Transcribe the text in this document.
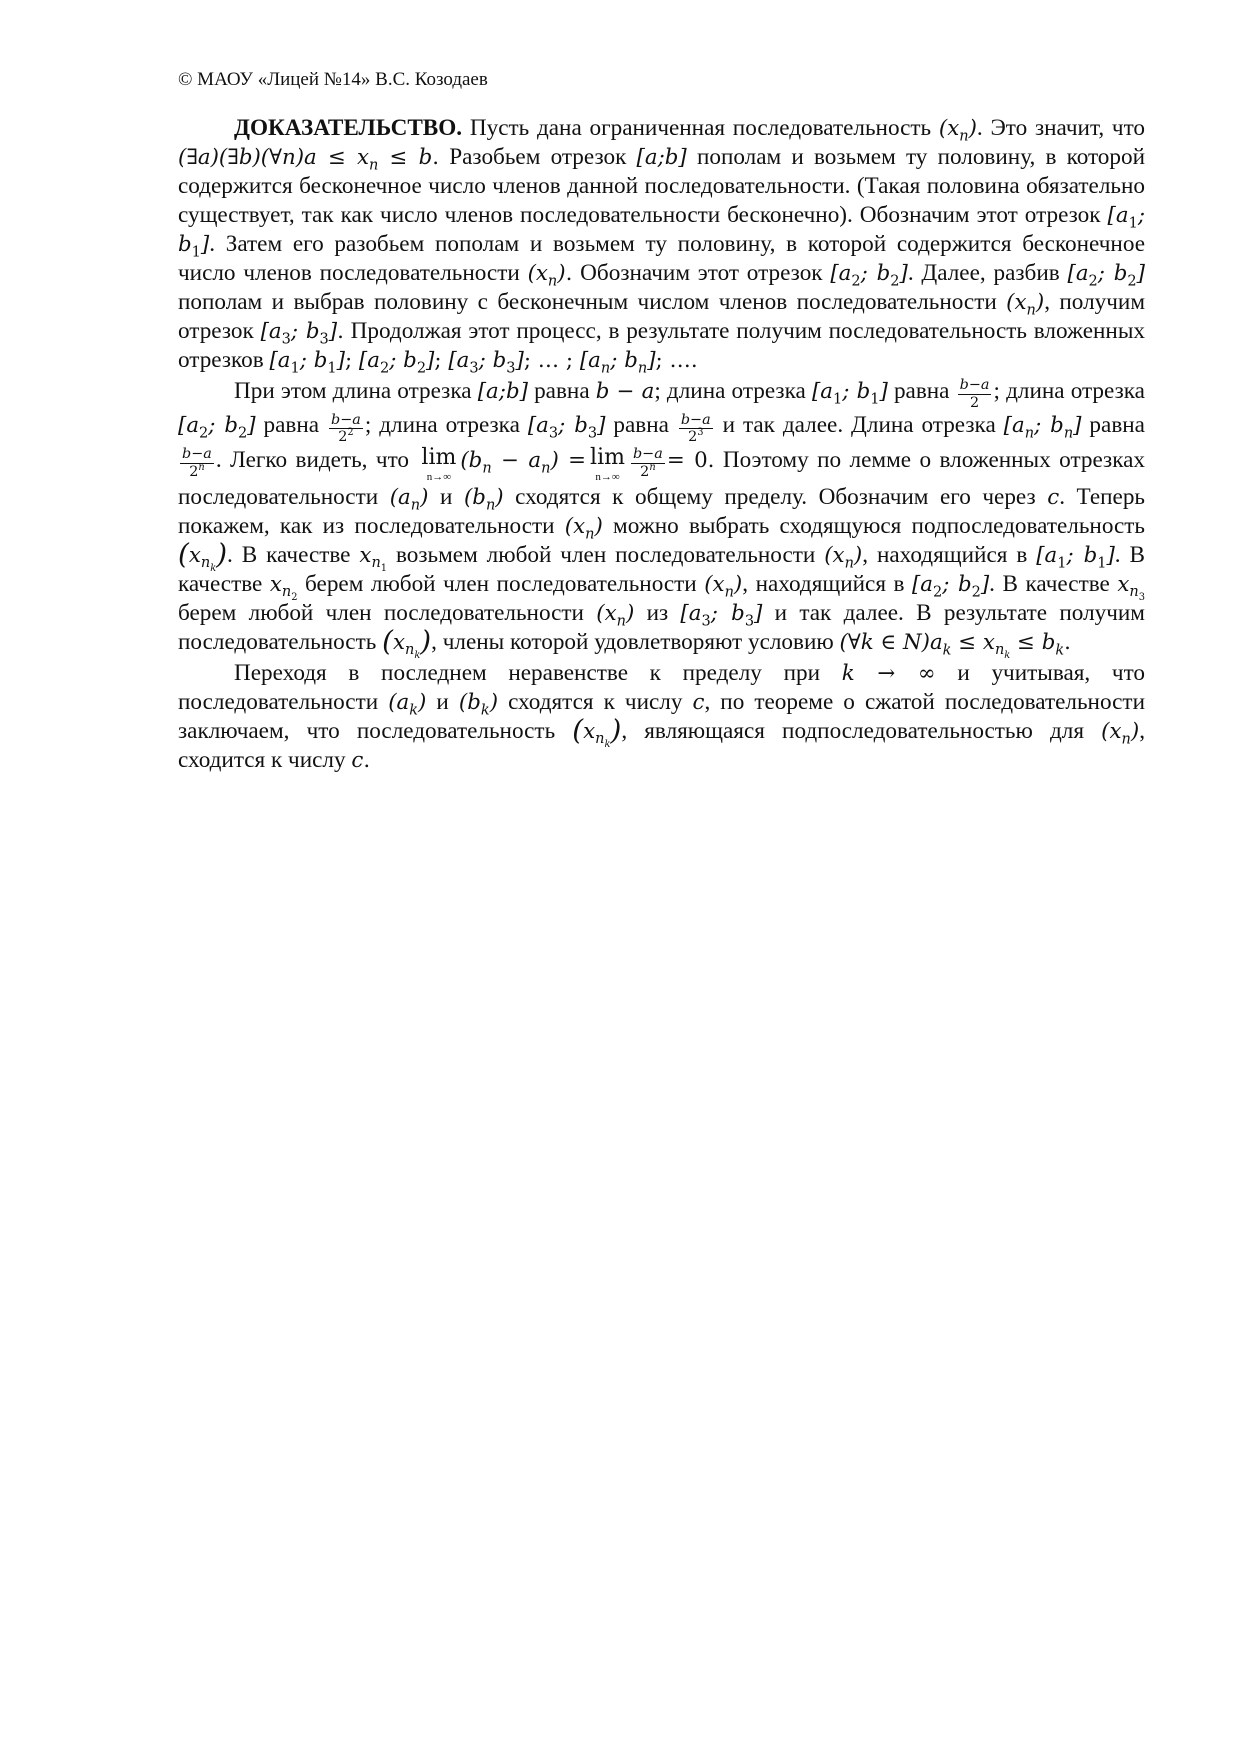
© МАОУ «Лицей №14» В.С. Козодаев

ДОКАЗАТЕЛЬСТВО. Пусть дана ограниченная последовательность $(x_n)$. Это значит, что (∃a)(∃b)(∀n)a ≤ $x_n \le b$. Разобьем отрезок [a;b] пополам и возьмем ту половину, в которой содержится бесконечное число членов данной последовательности. (Такая половина обязательно существует, так как число членов последовательности бесконечно). Обозначим этот отрезок [$a_1$; $b_1$]. Затем его разобьем пополам и возьмем ту половину, в которой содержится бесконечное число членов последовательности $(x_n)$. Обозначим этот отрезок [$a_2$; $b_2$]. Далее, разбив [$a_2$; $b_2$] пополам и выбрав половину с бесконечным числом членов последовательности $(x_n)$, получим отрезок [$a_3$; $b_3$]. Продолжая этот процесс, в результате получим последовательность вложенных отрезков [$a_1$; $b_1$]; [$a_2$; $b_2$]; [$a_3$; $b_3$]; … ; [$a_n$; $b_n$]; ….

При этом длина отрезка [a;b] равна b − a; длина отрезка [$a_1$; $b_1$] равна $\frac{b-a}{2}$ ; длина отрезка [$a_2$; $b_2$] равна $\frac{b-a}{2^2}$ ; длина отрезка [$a_3$; $b_3$] равна $\frac{b-a}{2^3}$ и так далее. Длина отрезка [$a_n$; $b_n$] равна
$\frac{b-a}{2^n}$ . Легко видеть, что lim
n→∞
$(b_n - a_n) = \lim$
$n\to\infty \frac{b-a}{2^n} = 0$. Поэтому по лемме о вложенных отрезках последовательности $(a_n)$ и $(b_n)$ сходятся к общему пределу. Обозначим его через c. Теперь покажем, как из последовательности $(x_n)$ можно выбрать сходящуюся подпоследовательность $(x_{n_k})$. В качестве $x_{n_1}$ возьмем любой член последовательности $(x_n)$, находящийся в [$a_1$; $b_1$]. В качестве $x_{n_2}$ берем любой член последовательности $(x_n)$, находящийся в [$a_2$; $b_2$]. В качестве $x_{n_3}$ берем любой член последовательности $(x_n)$ из [$a_3$; $b_3$] и так далее. В результате получим последовательность $(x_{n_k})$, члены которой удовлетворяют условию (∀k ∈ $N)a_k \le x_{n_k} \le b_k$.

Переходя в последнем неравенстве к пределу при k → ∞ и учитывая, что последовательности $(a_k)$ и $(b_k)$ сходятся к числу c, по теореме о сжатой последовательности заключаем, что последовательность $(x_{n_k})$, являющаяся подпоследовательностью для $(x_n)$, сходится к числу c.
